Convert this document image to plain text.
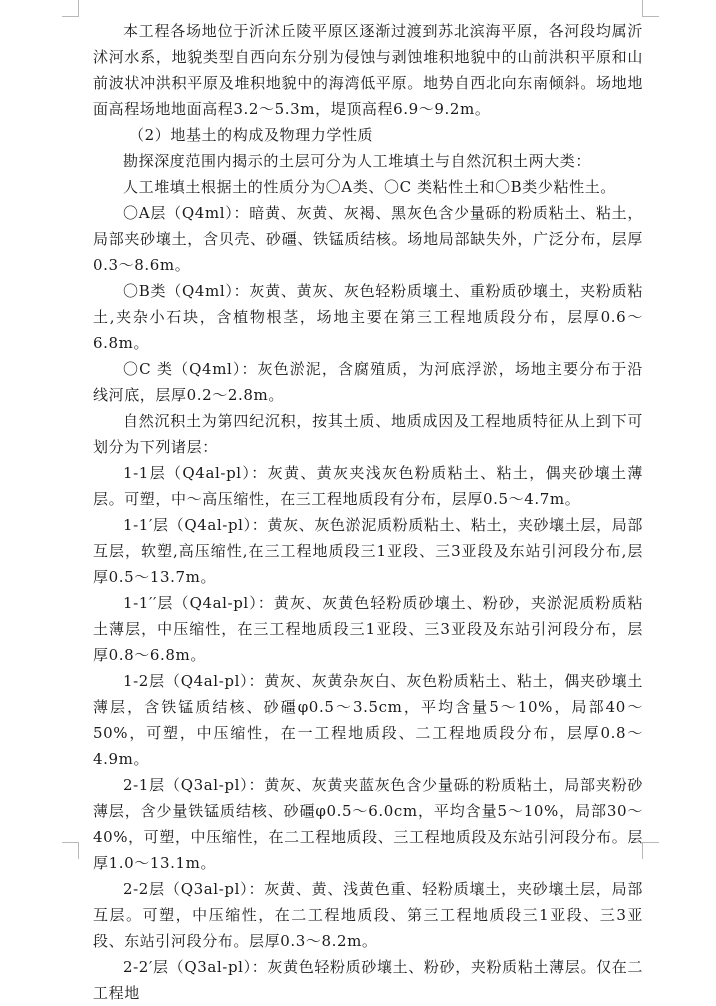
本工程各场地位于沂沭丘陵平原区逐渐过渡到苏北滨海平原，各河段均属沂沭河水系，地貌类型自西向东分别为侵蚀与剥蚀堆积地貌中的山前洪积平原和山前波状冲洪积平原及堆积地貌中的海湾低平原。地势自西北向东南倾斜。场地地面高程场地地面高程3.2～5.3m，堤顶高程6.9～9.2m。

（2）地基土的构成及物理力学性质

勘探深度范围内揭示的土层可分为人工堆填土与自然沉积土两大类：

人工堆填土根据土的性质分为〇A类、〇C 类粘性土和〇B类少粘性土。

〇A层（Q4ml）：暗黄、灰黄、灰褐、黑灰色含少量砾的粉质粘土、粘土，局部夹砂壤土，含贝壳、砂礓、铁锰质结核。场地局部缺失外，广泛分布，层厚0.3～8.6m。

〇B类（Q4ml）：灰黄、黄灰、灰色轻粉质壤土、重粉质砂壤土，夹粉质粘土,夹杂小石块，含植物根茎，场地主要在第三工程地质段分布，层厚0.6～6.8m。

〇C 类（Q4ml）：灰色淤泥，含腐殖质，为河底浮淤，场地主要分布于沿线河底，层厚0.2～2.8m。

自然沉积土为第四纪沉积，按其土质、地质成因及工程地质特征从上到下可划分为下列诸层：

1-1层（Q4al-pl）：灰黄、黄灰夹浅灰色粉质粘土、粘土，偶夹砂壤土薄层。可塑，中～高压缩性，在三工程地质段有分布，层厚0.5～4.7m。

1-1′层（Q4al-pl）：黄灰、灰色淤泥质粉质粘土、粘土，夹砂壤土层，局部互层，软塑,高压缩性,在三工程地质段三1亚段、三3亚段及东站引河段分布,层厚0.5～13.7m。

1-1′′层（Q4al-pl）：黄灰、灰黄色轻粉质砂壤土、粉砂，夹淤泥质粉质粘土薄层，中压缩性，在三工程地质段三1亚段、三3亚段及东站引河段分布，层厚0.8～6.8m。

1-2层（Q4al-pl）：黄灰、灰黄杂灰白、灰色粉质粘土、粘土，偶夹砂壤土薄层，含铁锰质结核、砂礓φ0.5～3.5cm，平均含量5～10%，局部40～50%，可塑，中压缩性，在一工程地质段、二工程地质段分布，层厚0.8～4.9m。

2-1层（Q3al-pl）：黄灰、灰黄夹蓝灰色含少量砾的粉质粘土，局部夹粉砂薄层，含少量铁锰质结核、砂礓φ0.5～6.0cm，平均含量5～10%，局部30～40%，可塑，中压缩性，在二工程地质段、三工程地质段及东站引河段分布。层厚1.0～13.1m。

2-2层（Q3al-pl）：灰黄、黄、浅黄色重、轻粉质壤土，夹砂壤土层，局部互层。可塑，中压缩性，在二工程地质段、第三工程地质段三1亚段、三3亚段、东站引河段分布。层厚0.3～8.2m。

2-2′层（Q3al-pl）：灰黄色轻粉质砂壤土、粉砂，夹粉质粘土薄层。仅在二工程地
